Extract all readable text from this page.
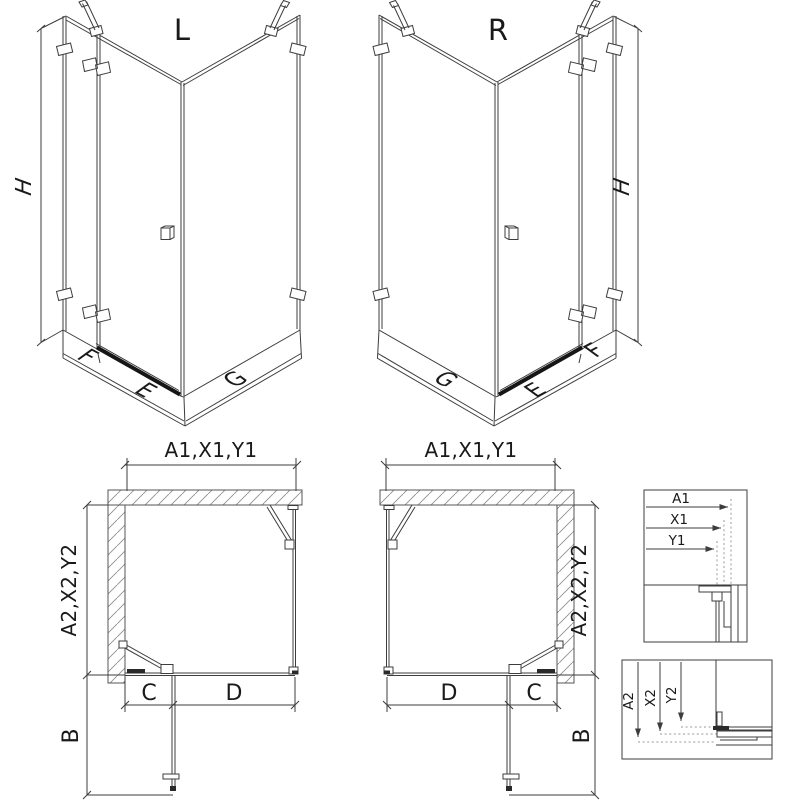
L
H
F
E G
R
H
F
E
G
A1,X1,Y1
A2,X2,Y2
B
C	D
A1,X1,Y1
A2,X2,Y2
B
D	C
A1
X1
Y1
A2 X2 Y2
